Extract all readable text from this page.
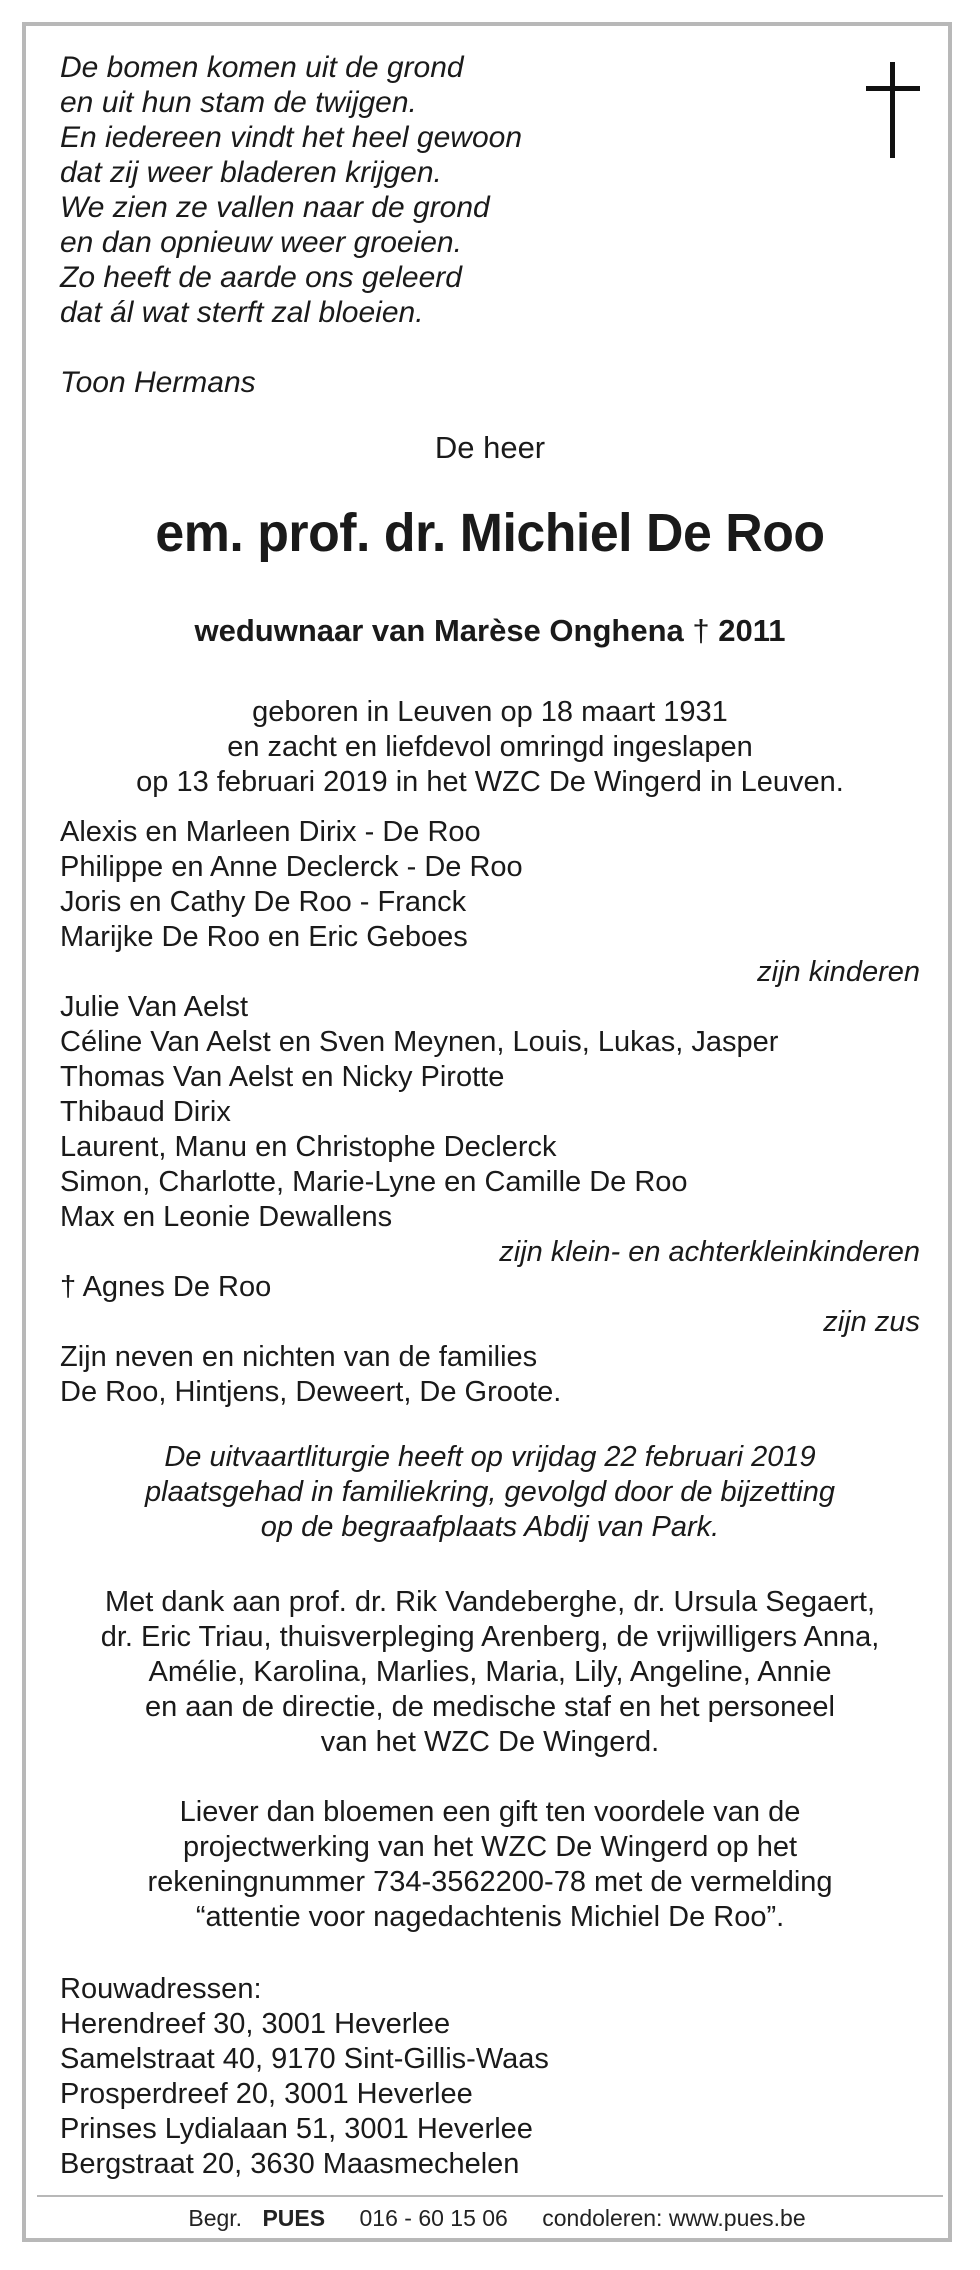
De bomen komen uit de grond
en uit hun stam de twijgen.
En iedereen vindt het heel gewoon
dat zij weer bladeren krijgen.
We zien ze vallen naar de grond
en dan opnieuw weer groeien.
Zo heeft de aarde ons geleerd
dat ál wat sterft zal bloeien.
Toon Hermans
De heer
em. prof. dr. Michiel De Roo
weduwnaar van Marèse Onghena † 2011
geboren in Leuven op 18 maart 1931
en zacht en liefdevol omringd ingeslapen
op 13 februari 2019 in het WZC De Wingerd in Leuven.
Alexis en Marleen Dirix - De Roo
Philippe en Anne Declerck - De Roo
Joris en Cathy De Roo - Franck
Marijke De Roo en Eric Geboes
zijn kinderen
Julie Van Aelst
Céline Van Aelst en Sven Meynen, Louis, Lukas, Jasper
Thomas Van Aelst en Nicky Pirotte
Thibaud Dirix
Laurent, Manu en Christophe Declerck
Simon, Charlotte, Marie-Lyne en Camille De Roo
Max en Leonie Dewallens
zijn klein- en achterkleinkinderen
† Agnes De Roo
zijn zus
Zijn neven en nichten van de families
De Roo, Hintjens, Deweert, De Groote.
De uitvaartliturgie heeft op vrijdag 22 februari 2019
plaatsgehad in familiekring, gevolgd door de bijzetting
op de begraafplaats Abdij van Park.
Met dank aan prof. dr. Rik Vandeberghe, dr. Ursula Segaert,
dr. Eric Triau, thuisverpleging Arenberg, de vrijwilligers Anna,
Amélie, Karolina, Marlies, Maria, Lily, Angeline, Annie
en aan de directie, de medische staf en het personeel
van het WZC De Wingerd.
Liever dan bloemen een gift ten voordele van de
projectwerking van het WZC De Wingerd op het
rekeningnummer 734-3562200-78 met de vermelding
“attentie voor nagedachtenis Michiel De Roo”.
Rouwadressen:
Herendreef 30, 3001 Heverlee
Samelstraat 40, 9170 Sint-Gillis-Waas
Prosperdreef 20, 3001 Heverlee
Prinses Lydialaan 51, 3001 Heverlee
Bergstraat 20, 3630 Maasmechelen
Begr. PUES 016 - 60 15 06 condoleren: www.pues.be
